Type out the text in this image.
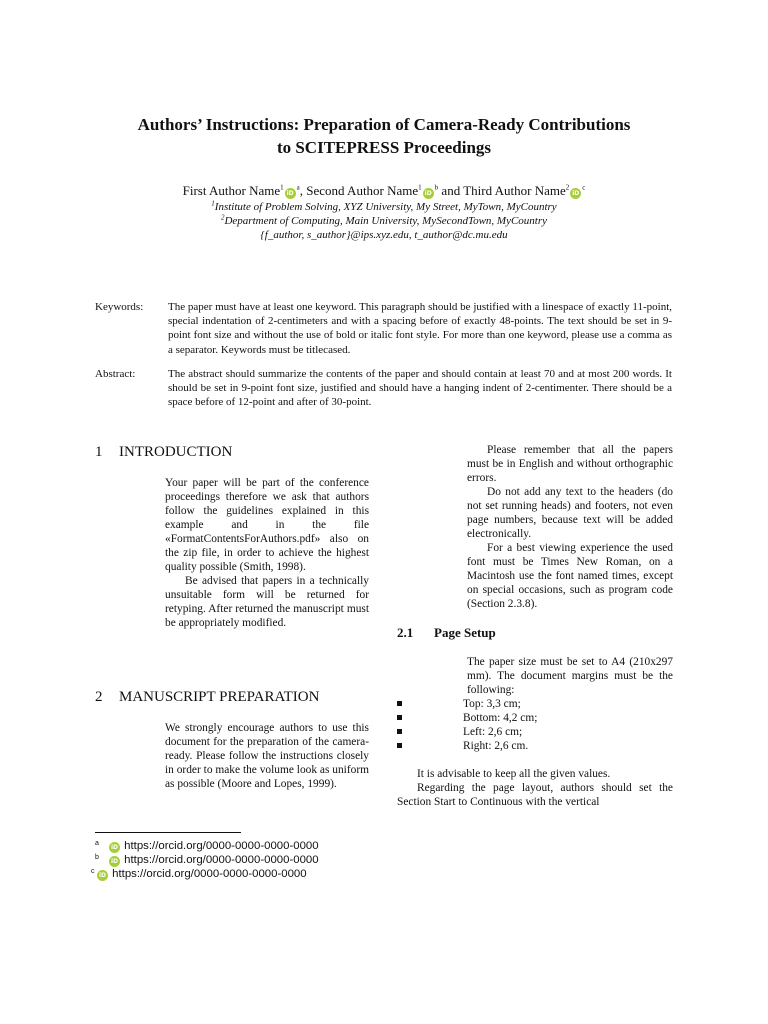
Authors’ Instructions: Preparation of Camera-Ready Contributions
to SCITEPRESS Proceedings
First Author $Name^1iD^a$, Second Author $Name^1iD^b$ and Third Author $Name^2iD^c$
$^1$Institute of Problem Solving, XYZ University, My Street, MyTown, MyCountry
$^2$Department of Computing, Main University, MySecondTown, MyCountry
{f_author, s_author}@ips.xyz.edu, t_author@dc.mu.edu
Keywords: The paper must have at least one keyword. This paragraph should be justified with a linespace of exactly 11-point, special indentation of 2-centimeters and with a spacing before of exactly 48-points. The text should be set in 9-point font size and without the use of bold or italic font style. For more than one keyword, please use a comma as a separator. Keywords must be titlecased.
Abstract:	The abstract should summarize the contents of the paper and should contain at least 70 and at most 200 words. It should be set in 9-point font size, justified and should have a hanging indent of 2-centimenter. There should be a space before of 12-point and after of 30-point.
1 INTRODUCTION

Your paper will be part of the conference proceedings therefore we ask that authors follow the guidelines explained in this example and in the file «FormatContentsForAuthors.pdf» also on the zip file, in order to achieve the highest quality possible (Smith, 1998).

Be advised that papers in a technically unsuitable form will be returned for retyping. After returned the manuscript must be appropriately modified.

2 MANUSCRIPT PREPARATION

We strongly encourage authors to use this document for the preparation of the camera-ready. Please follow the instructions closely in order to make the volume look as uniform as possible (Moore and Lopes, 1999).

Please remember that all the papers must be in English and without orthographic errors.

Do not add any text to the headers (do not set running heads) and footers, not even page numbers, because text will be added electronically.

For a best viewing experience the used font must be Times New Roman, on a Macintosh use the font named times, except on special occasions, such as program code (Section 2.3.8).

2.1 Page Setup

The paper size must be set to A4 (210x297 mm). The document margins must be the following:

Top: 3,3 cm;
Bottom: 4,2 cm;
Left: 2,6 cm;
Right: 2,6 cm.

It is advisable to keep all the given values.

Regarding the page layout, authors should set the Section Start to Continuous with the vertical

aiD https://orcid.org/0000-0000-0000-0000
biD https://orcid.org/0000-0000-0000-0000
ciD https://orcid.org/0000-0000-0000-0000
